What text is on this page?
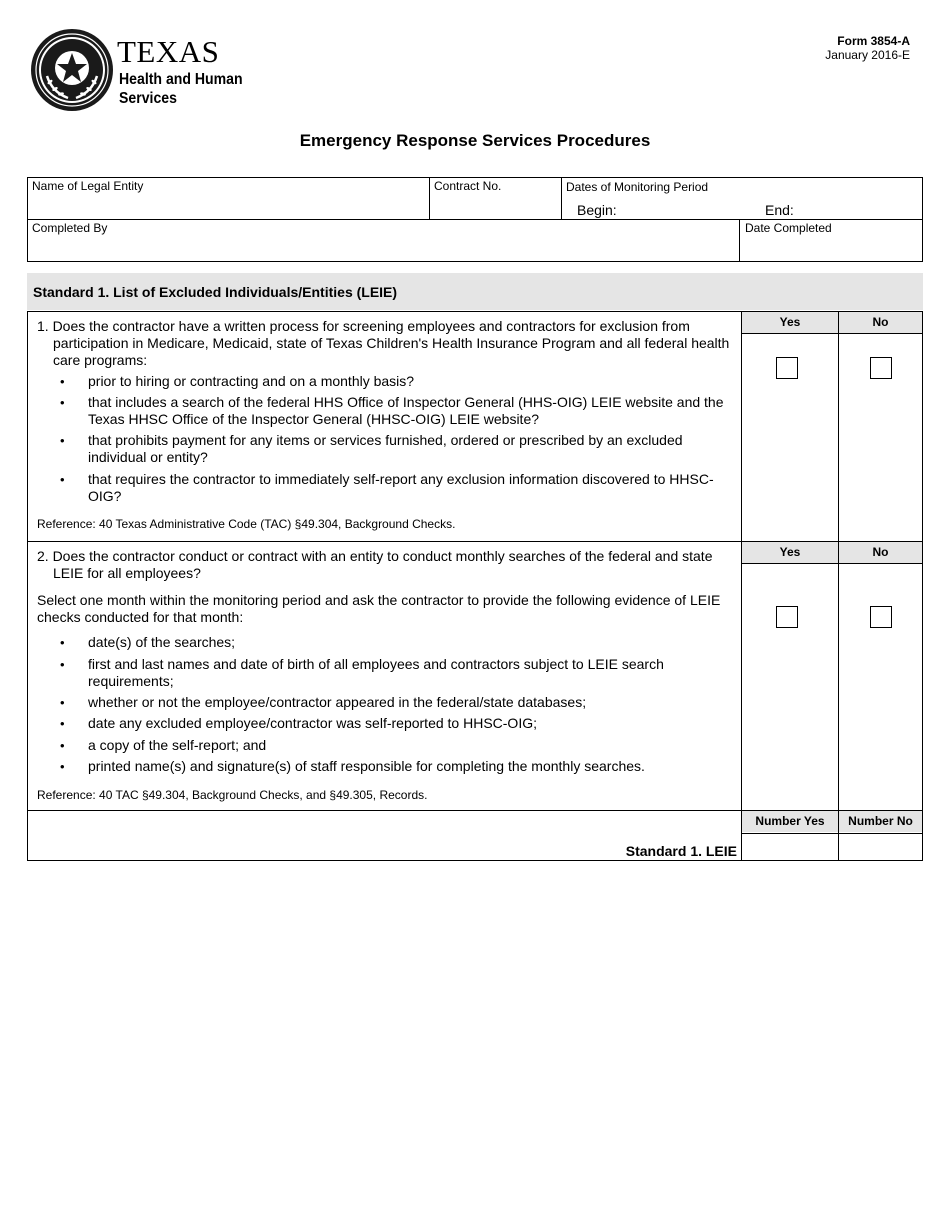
TEXAS
Health and Human
Services
Form 3854-A
January 2016-E
Emergency Response Services Procedures
Name of Legal Entity	Contract No.	Dates of Monitoring Period
Begin:	End:
Completed By	Date Completed
Standard 1. List of Excluded Individuals/Entities (LEIE)
Yes	No
1. Does the contractor have a written process for screening employees and contractors for exclusion from participation in Medicare, Medicaid, state of Texas Children's Health Insurance Program and all federal health care programs:
• prior to hiring or contracting and on a monthly basis?
• that includes a search of the federal HHS Office of Inspector General (HHS-OIG) LEIE website and the Texas HHSC Office of the Inspector General (HHSC-OIG) LEIE website?
• that prohibits payment for any items or services furnished, ordered or prescribed by an excluded individual or entity?
• that requires the contractor to immediately self-report any exclusion information discovered to HHSC-OIG?
Reference: 40 Texas Administrative Code (TAC) §49.304, Background Checks.
Yes	No
2. Does the contractor conduct or contract with an entity to conduct monthly searches of the federal and state LEIE for all employees?
Select one month within the monitoring period and ask the contractor to provide the following evidence of LEIE checks conducted for that month:
• date(s) of the searches;
• first and last names and date of birth of all employees and contractors subject to LEIE search requirements;
• whether or not the employee/contractor appeared in the federal/state databases;
• date any excluded employee/contractor was self-reported to HHSC-OIG;
• a copy of the self-report; and
• printed name(s) and signature(s) of staff responsible for completing the monthly searches.
Reference: 40 TAC §49.304, Background Checks, and §49.305, Records.
Number Yes	Number No
Standard 1. LEIE
